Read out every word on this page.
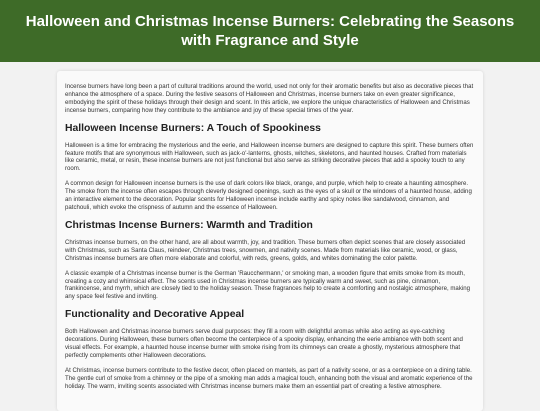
Halloween and Christmas Incense Burners: Celebrating the Seasons with Fragrance and Style

Incense burners have long been a part of cultural traditions around the world, used not only for their aromatic benefits but also as decorative pieces that enhance the atmosphere of a space. During the festive seasons of Halloween and Christmas, incense burners take on even greater significance, embodying the spirit of these holidays through their design and scent. In this article, we explore the unique characteristics of Halloween and Christmas incense burners, comparing how they contribute to the ambiance and joy of these special times of the year.

Halloween Incense Burners: A Touch of Spookiness

Halloween is a time for embracing the mysterious and the eerie, and Halloween incense burners are designed to capture this spirit. These burners often feature motifs that are synonymous with Halloween, such as jack-o'-lanterns, ghosts, witches, skeletons, and haunted houses. Crafted from materials like ceramic, metal, or resin, these incense burners are not just functional but also serve as striking decorative pieces that add a spooky touch to any room.

A common design for Halloween incense burners is the use of dark colors like black, orange, and purple, which help to create a haunting atmosphere. The smoke from the incense often escapes through cleverly designed openings, such as the eyes of a skull or the windows of a haunted house, adding an interactive element to the decoration. Popular scents for Halloween incense include earthy and spicy notes like sandalwood, cinnamon, and patchouli, which evoke the crispness of autumn and the essence of Halloween.

Christmas Incense Burners: Warmth and Tradition

Christmas incense burners, on the other hand, are all about warmth, joy, and tradition. These burners often depict scenes that are closely associated with Christmas, such as Santa Claus, reindeer, Christmas trees, snowmen, and nativity scenes. Made from materials like ceramic, wood, or glass, Christmas incense burners are often more elaborate and colorful, with reds, greens, golds, and whites dominating the color palette.

A classic example of a Christmas incense burner is the German 'Raucchermann,' or smoking man, a wooden figure that emits smoke from its mouth, creating a cozy and whimsical effect. The scents used in Christmas incense burners are typically warm and sweet, such as pine, cinnamon, frankincense, and myrrh, which are closely tied to the holiday season. These fragrances help to create a comforting and nostalgic atmosphere, making any space feel festive and inviting.

Functionality and Decorative Appeal

Both Halloween and Christmas incense burners serve dual purposes: they fill a room with delightful aromas while also acting as eye-catching decorations. During Halloween, these burners often become the centerpiece of a spooky display, enhancing the eerie ambiance with both scent and visual effects. For example, a haunted house incense burner with smoke rising from its chimneys can create a ghostly, mysterious atmosphere that perfectly complements other Halloween decorations.

At Christmas, incense burners contribute to the festive decor, often placed on mantels, as part of a nativity scene, or as a centerpiece on a dining table. The gentle curl of smoke from a chimney or the pipe of a smoking man adds a magical touch, enhancing both the visual and aromatic experience of the holiday. The warm, inviting scents associated with Christmas incense burners make them an essential part of creating a festive atmosphere.
